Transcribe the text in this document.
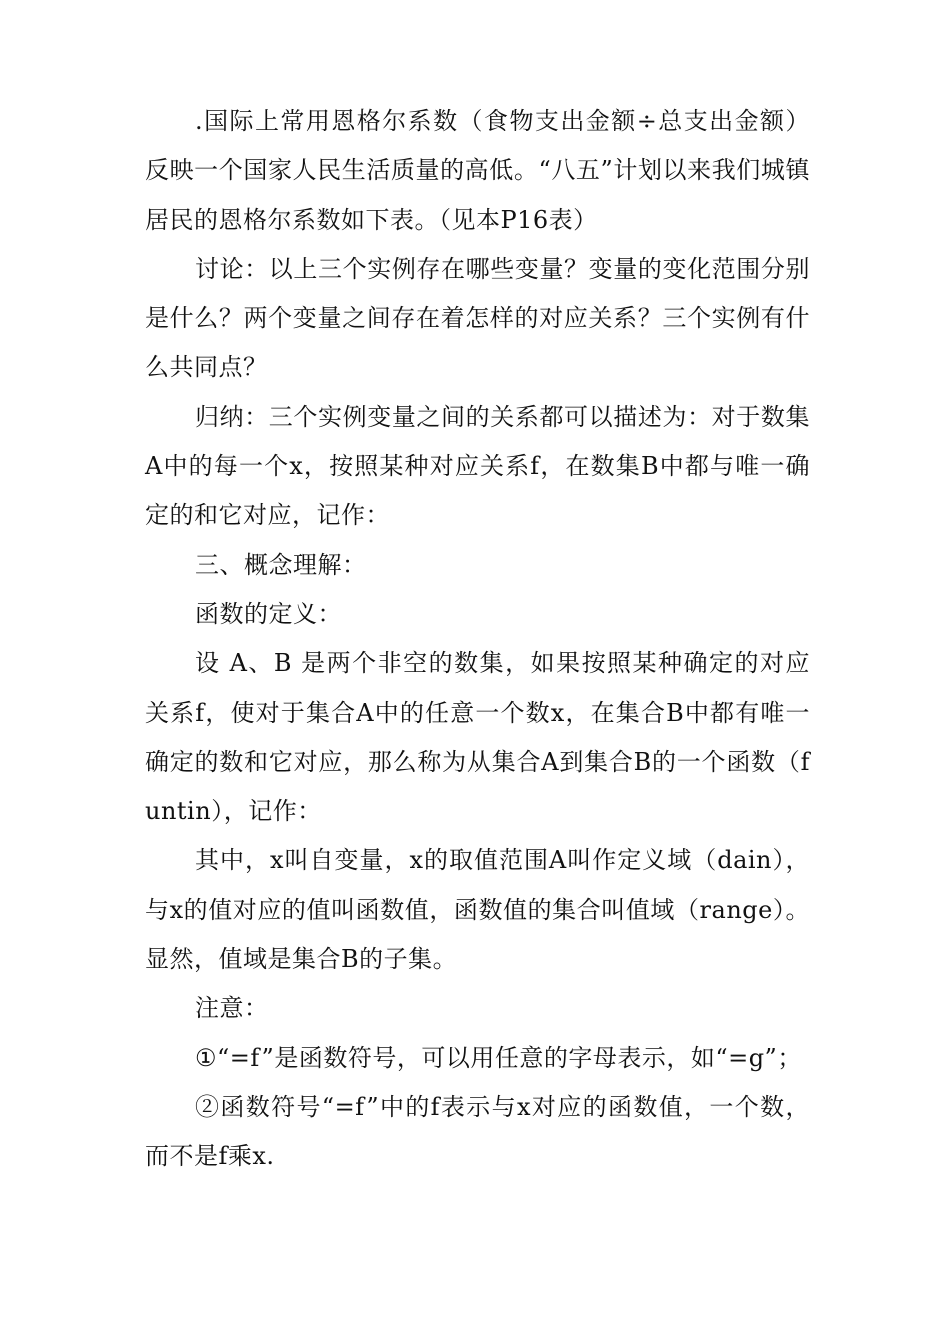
.国际上常用恩格尔系数（食物支出金额÷总支出金额）反映一个国家人民生活质量的高低。“八五”计划以来我们城镇居民的恩格尔系数如下表。（见本P16表）

讨论：以上三个实例存在哪些变量？变量的变化范围分别是什么？两个变量之间存在着怎样的对应关系？三个实例有什么共同点？

归纳：三个实例变量之间的关系都可以描述为：对于数集A中的每一个x，按照某种对应关系f，在数集B中都与唯一确定的和它对应，记作：

三、概念理解：

函数的定义：

设 A、B 是两个非空的数集，如果按照某种确定的对应关系f，使对于集合A中的任意一个数x，在集合B中都有唯一确定的数和它对应，那么称为从集合A到集合B的一个函数（funtin），记作：

其中，x叫自变量，x的取值范围A叫作定义域（dain），与x的值对应的值叫函数值，函数值的集合叫值域（range）。显然，值域是集合B的子集。

注意：

①“=f”是函数符号，可以用任意的字母表示，如“=g”；

②函数符号“=f”中的f表示与x对应的函数值，一个数，而不是f乘x.
